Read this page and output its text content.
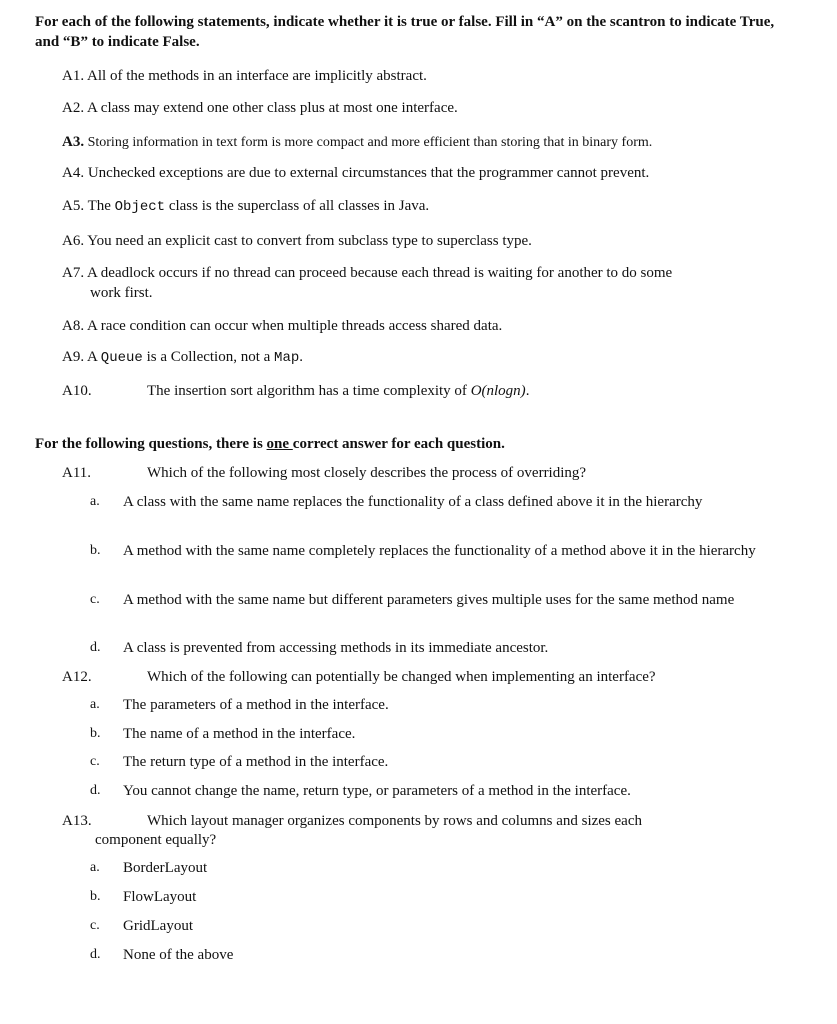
For each of the following statements, indicate whether it is true or false. Fill in “A” on the scantron to indicate True, and “B” to indicate False.
A1. All of the methods in an interface are implicitly abstract.
A2. A class may extend one other class plus at most one interface.
A3. Storing information in text form is more compact and more efficient than storing that in binary form.
A4. Unchecked exceptions are due to external circumstances that the programmer cannot prevent.
A5. The Object class is the superclass of all classes in Java.
A6. You need an explicit cast to convert from subclass type to superclass type.
A7. A deadlock occurs if no thread can proceed because each thread is waiting for another to do some
work first.
A8. A race condition can occur when multiple threads access shared data.
A9. A Queue is a Collection, not a Map.
A10.	The insertion sort algorithm has a time complexity of O(nlogn).
For the following questions, there is one correct answer for each question.
A11.	Which of the following most closely describes the process of overriding?
a.	A class with the same name replaces the functionality of a class defined above it in the hierarchy
b.	A method with the same name completely replaces the functionality of a method above it in the hierarchy
c.	A method with the same name but different parameters gives multiple uses for the same method name
d.	A class is prevented from accessing methods in its immediate ancestor.
A12.	Which of the following can potentially be changed when implementing an interface?
a.	The parameters of a method in the interface.
b.	The name of a method in the interface.
c.	The return type of a method in the interface.
d.	You cannot change the name, return type, or parameters of a method in the interface.
A13.	Which layout manager organizes components by rows and columns and sizes each
component equally?
a.	BorderLayout
b.	FlowLayout
c.	GridLayout
d.	None of the above
